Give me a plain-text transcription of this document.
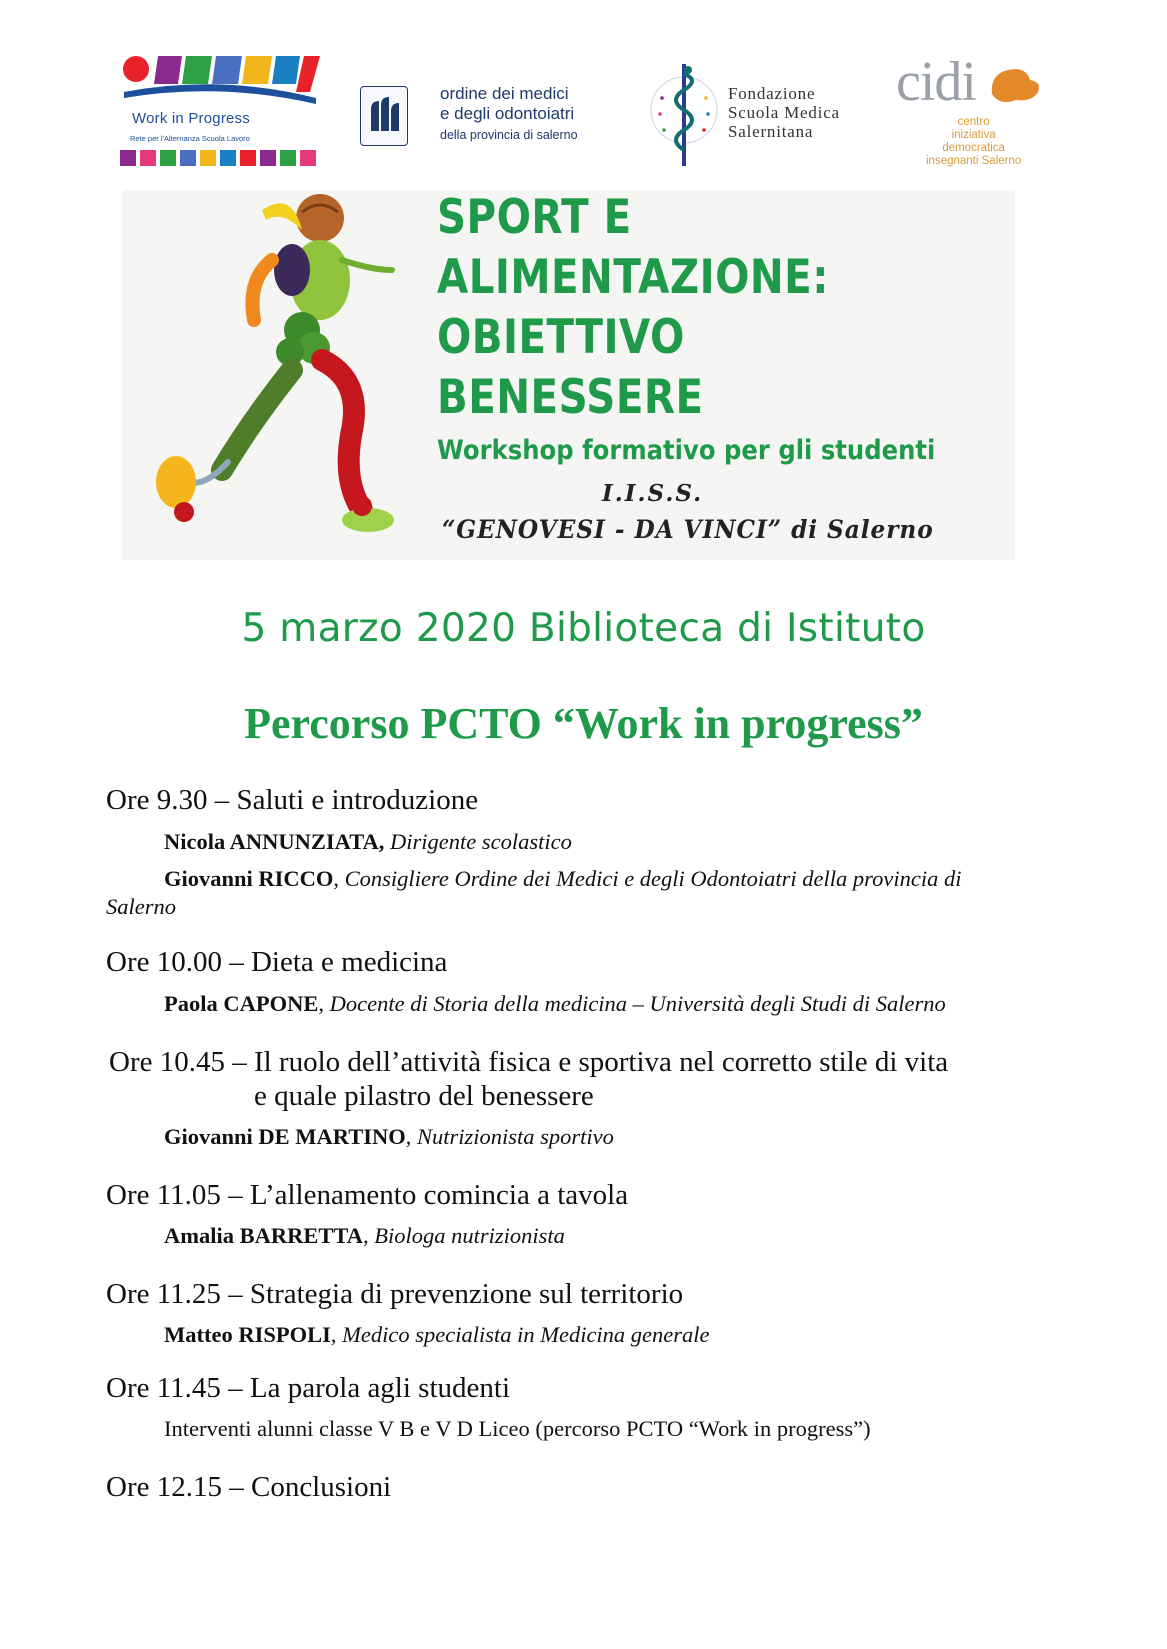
Work in Progress
Rete per l'Alternanza Scuola Lavoro
ordine dei medici
e degli odontoiatri
della provincia di salerno
Fondazione
Scuola Medica
Salernitana
cidi
centro
iniziativa
democratica
insegnanti Salerno
SPORT E
ALIMENTAZIONE:
OBIETTIVO
BENESSERE
Workshop formativo per gli studenti
I.I.S.S.
“GENOVESI - DA VINCI” di Salerno
5 marzo 2020 Biblioteca di Istituto
Percorso PCTO “Work in progress”
Ore 9.30 – Saluti e introduzione
Nicola ANNUNZIATA, Dirigente scolastico
Giovanni RICCO, Consigliere Ordine dei Medici e degli Odontoiatri della provincia di
Salerno
Ore 10.00 – Dieta e medicina
Paola CAPONE, Docente di Storia della medicina – Università degli Studi di Salerno
Ore 10.45 – Il ruolo dell’attività fisica e sportiva nel corretto stile di vita
e quale pilastro del benessere
Giovanni DE MARTINO, Nutrizionista sportivo
Ore 11.05 – L’allenamento comincia a tavola
Amalia BARRETTA, Biologa nutrizionista
Ore 11.25 – Strategia di prevenzione sul territorio
Matteo RISPOLI, Medico specialista in Medicina generale
Ore 11.45 – La parola agli studenti
Interventi alunni classe V B e V D Liceo (percorso PCTO “Work in progress”)
Ore 12.15 – Conclusioni
